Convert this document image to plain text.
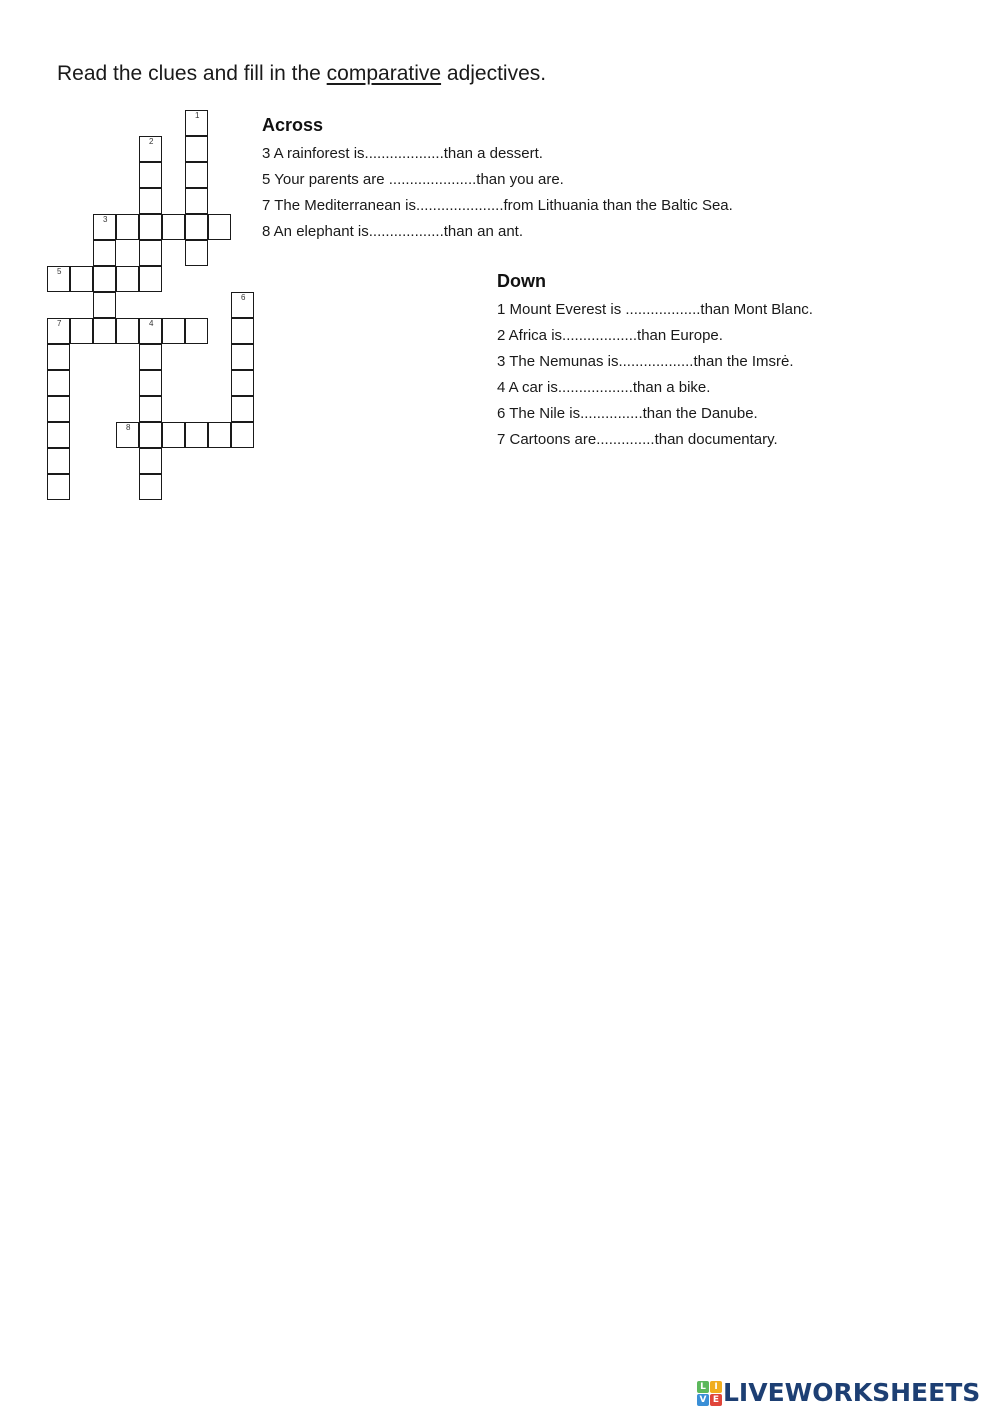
Read the clues and fill in the comparative adjectives.
1
2
3
5
6
7	4
8
Across
3 A rainforest is...................than a dessert.
5 Your parents are .....................than you are.
7 The Mediterranean is.....................from Lithuania than the Baltic Sea.
8 An elephant is..................than an ant.
Down
1 Mount Everest is ..................than Mont Blanc.
2 Africa is..................than Europe.
3 The Nemunas is..................than the Imsrė.
4 A car is..................than a bike.
6 The Nile is...............than the Danube.
7 Cartoons are..............than documentary.
L I
V E LIVEWORKSHEETS
